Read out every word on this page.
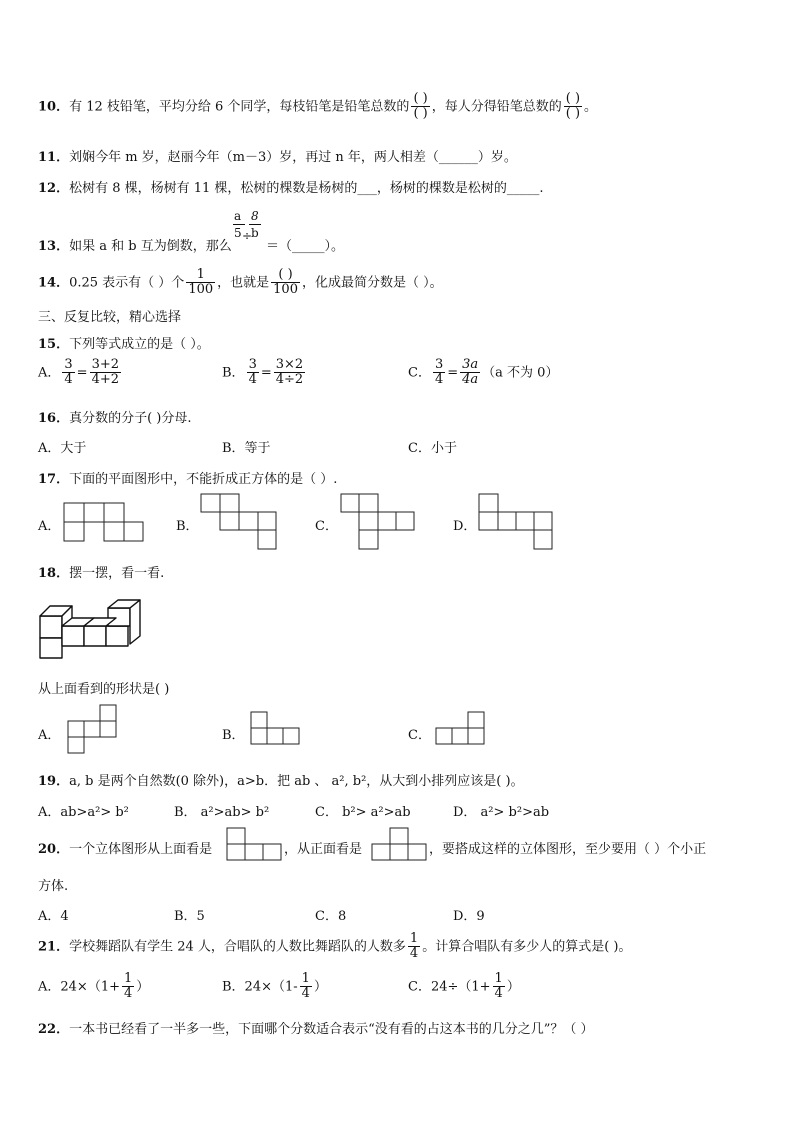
10．有 12 枝铅笔，平均分给 6 个同学，每枝铅笔是铅笔总数的 $\frac{( )}{( )}$ ，每人分得铅笔总数的 $\frac{( )}{( )}$ 。
11．刘娴今年 m 岁，赵丽今年（m－3）岁，再过 n 年，两人相差（______）岁。
12．松树有 8 棵，杨树有 11 棵，松树的棵数是杨树的___，杨树的棵数是松树的_____.
13．如果 a 和 b 互为倒数，那么
a
5 ÷
8
b
＝（_____）。
14．0.25 表示有（ ）个 $\frac{1}{100}$ ，也就是 $\frac{( )}{100}$ ，化成最简分数是（ ）。
三、反复比较，精心选择
15．下列等式成立的是（ ）。
A． $\frac{3}{4} = \frac{3+2}{4+2}$	B． $\frac{3}{4} = \frac{3\times 2}{4\div 2}$	C． $\frac{3}{4} = \frac{3a}{4a} (a$ 不为 0）
16．真分数的分子( )分母.
A．大于	B．等于	C．小于
17．下面的平面图形中，不能折成正方体的是（ ）.
A．	B．	C．	D．
18．摆一摆，看一看.
从上面看到的形状是( )
A．	B．	C．
19．a, b 是两个自然数(0 除外)，a>b．把 ab 、 a², b²，从大到小排列应该是( )。
A．ab>a²> b²	B． a²>ab> b²	C． b²> a²>ab	D． a²> b²>ab
20．一个立体图形从上面看是	，从正面看是	，要搭成这样的立体图形，至少要用（ ）个小正
方体.
A．4	B．5	C．8	D．9
21．学校舞蹈队有学生 24 人，合唱队的人数比舞蹈队的人数多 $\frac{1}{4}$ 。计算合唱队有多少人的算式是( )。
A．$24\times(1+ \frac{1}{4}$ ）	B．$24\times(1- \frac{1}{4}$ ）	C．$24\div(1+ \frac{1}{4}$ ）
22．一本书已经看了一半多一些，下面哪个分数适合表示“没有看的占这本书的几分之几”？（ ）
